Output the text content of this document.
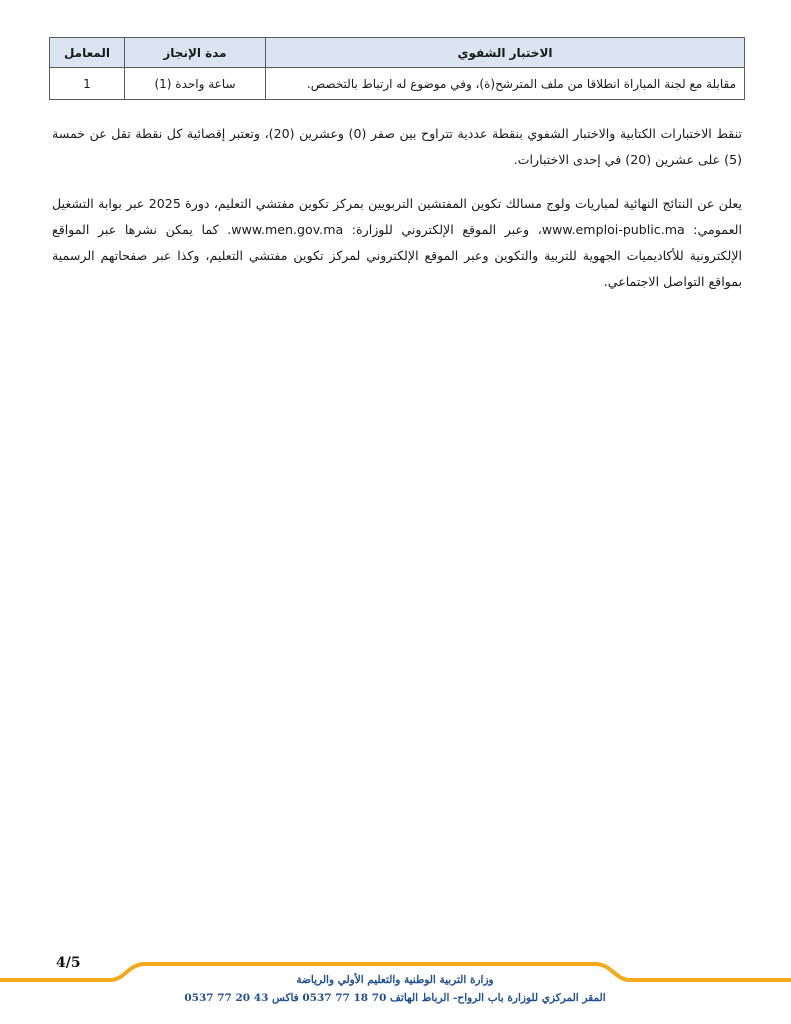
الاختبار الشفوي	مدة الإنجاز	المعامل
مقابلة مع لجنة المباراة انطلاقا من ملف المترشح(ة)، وفي موضوع له ارتباط بالتخصص.	ساعة واحدة (1)	1

تنقط الاختبارات الكتابية والاختبار الشفوي بنقطة عددية تتراوح بين صفر (0) وعشرين (20)، وتعتبر إقصائية كل نقطة تقل عن خمسة (5) على عشرين (20) في إحدى الاختبارات.

يعلن عن النتائج النهائية لمباريات ولوج مسالك تكوين المفتشين التربويين بمركز تكوين مفتشي التعليم، دورة 2025 عبر بوابة التشغيل العمومي: www.emploi-public.ma، وعبر الموقع الإلكتروني للوزارة: www.men.gov.ma. كما يمكن نشرها عبر المواقع الإلكترونية للأكاديميات الجهوية للتربية والتكوين وعبر الموقع الإلكتروني لمركز تكوين مفتشي التعليم، وكذا عبر صفحاتهم الرسمية بمواقع التواصل الاجتماعي.

4/5
وزارة التربية الوطنية والتعليم الأولي والرياضة
المقر المركزي للوزارة باب الرواح- الرباط الهاتف 70 18 77 0537 فاكس 43 20 77 0537
